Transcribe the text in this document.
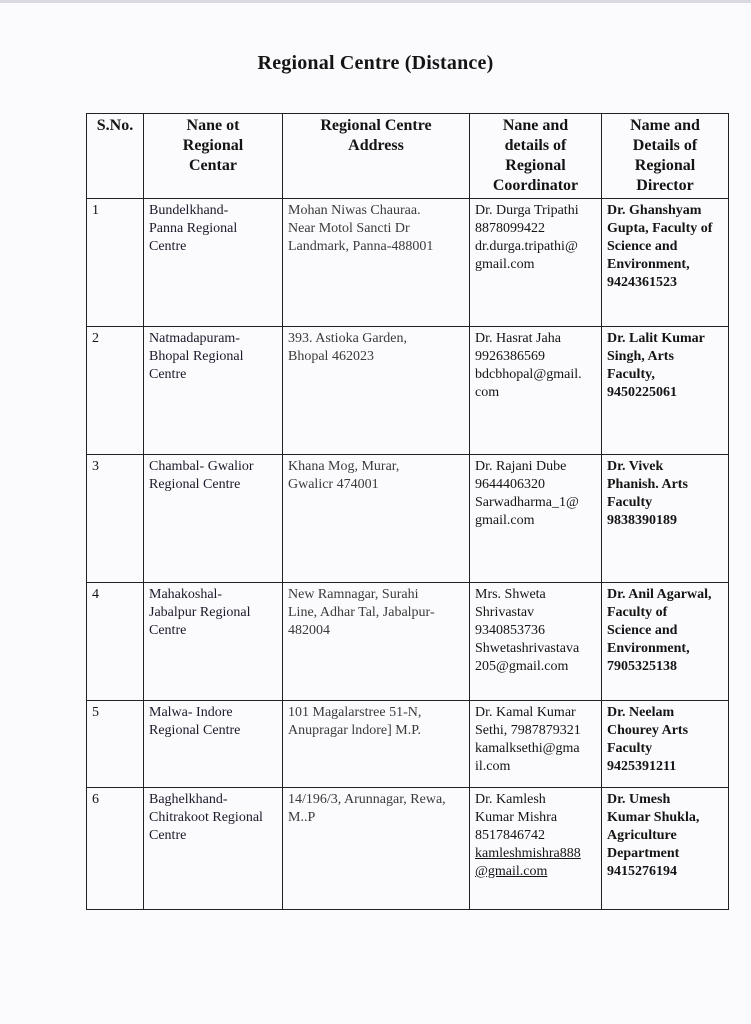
Regional Centre (Distance)
S.No.	Nane ot
Regional
Centar	Regional Centre
Address	Nane and
details of
Regional
Coordinator	Name and
Details of
Regional
Director

1	Bundelkhand-
Panna Regional
Centre	Mohan Niwas Chauraa.
Near Motol Sancti Dr
Landmark, Panna-488001	Dr. Durga Tripathi
8878099422
dr.durga.tripathi@
gmail.com	Dr. Ghanshyam
Gupta, Faculty of
Science and
Environment,
9424361523

2	Natmadapuram-
Bhopal Regional
Centre	393. Astioka Garden,
Bhopal 462023	Dr. Hasrat Jaha
9926386569
bdcbhopal@gmail.
com	Dr. Lalit Kumar
Singh, Arts
Faculty,
9450225061

3	Chambal- Gwalior
Regional Centre	Khana Mog, Murar,
Gwalicr 474001	Dr. Rajani Dube
9644406320
Sarwadharma_1@
gmail.com	Dr. Vivek
Phanish. Arts
Faculty
9838390189

4	Mahakoshal-
Jabalpur Regional
Centre	New Ramnagar, Surahi
Line, Adhar Tal, Jabalpur-
482004	Mrs. Shweta
Shrivastav
9340853736
Shwetashrivastava
205@gmail.com	Dr. Anil Agarwal,
Faculty of
Science and
Environment,
7905325138

5	Malwa- Indore
Regional Centre	101 Magalarstree 51-N,
Anupragar lndore] M.P.	Dr. Kamal Kumar
Sethi, 7987879321
kamalksethi@gma
il.com	Dr. Neelam
Chourey Arts
Faculty
9425391211

6	Baghelkhand-
Chitrakoot Regional
Centre	14/196/3, Arunnagar, Rewa,
M..P	Dr. Kamlesh
Kumar Mishra
8517846742
kamleshmishra888
@gmail.com	Dr. Umesh
Kumar Shukla,
Agriculture
Department
9415276194
